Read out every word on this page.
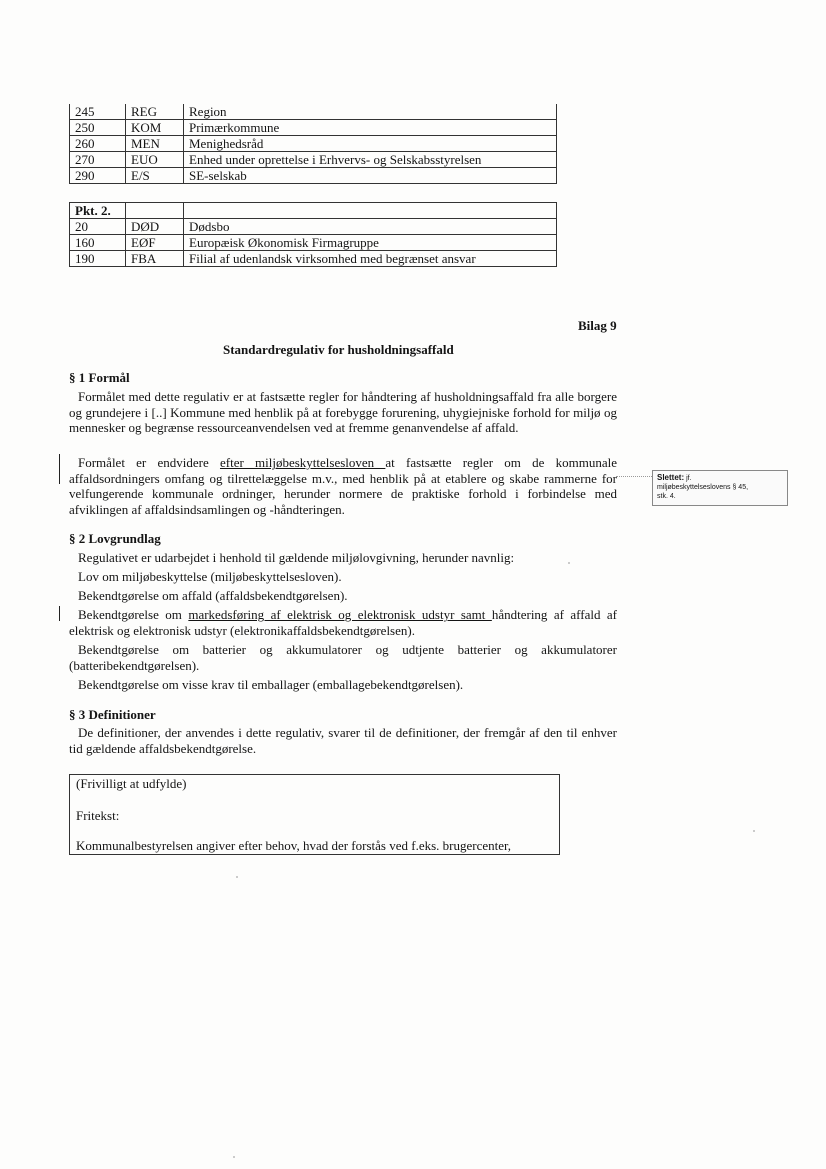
245	REG	Region
250	KOM	Primærkommune
260	MEN	Menighedsråd
270	EUO	Enhed under oprettelse i Erhvervs- og Selskabsstyrelsen
290	E/S	SE-selskab
Pkt. 2.		
20	DØD	Dødsbo
160	EØF	Europæisk Økonomisk Firmagruppe
190	FBA	Filial af udenlandsk virksomhed med begrænset ansvar
Bilag 9
Standardregulativ for husholdningsaffald
§ 1 Formål

Formålet med dette regulativ er at fastsætte regler for håndtering af husholdningsaffald fra alle borgere og grundejere i [..] Kommune med henblik på at forebygge forurening, uhygiejniske forhold for miljø og mennesker og begrænse ressourceanvendelsen ved at fremme genanvendelse af affald.

Formålet er endvidere efter miljøbeskyttelsesloven at fastsætte regler om de kommunale affaldsordningers omfang og tilrettelæggelse m.v., med henblik på at etablere og skabe rammerne for velfungerende kommunale ordninger, herunder normere de praktiske forhold i forbindelse med afviklingen af affaldsindsamlingen og -håndteringen.

Slettet: jf.
miljøbeskyttelseslovens § 45,
stk. 4.
§ 2 Lovgrundlag
Regulativet er udarbejdet i henhold til gældende miljølovgivning, herunder navnlig:
Lov om miljøbeskyttelse (miljøbeskyttelsesloven).
Bekendtgørelse om affald (affaldsbekendtgørelsen).

Bekendtgørelse om markedsføring af elektrisk og elektronisk udstyr samt håndtering af affald af elektrisk og elektronisk udstyr (elektronikaffaldsbekendtgørelsen).

Bekendtgørelse om batterier og akkumulatorer og udtjente batterier og akkumulatorer (batteribekendtgørelsen).

Bekendtgørelse om visse krav til emballager (emballagebekendtgørelsen).
§ 3 Definitioner

De definitioner, der anvendes i dette regulativ, svarer til de definitioner, der fremgår af den til enhver tid gældende affaldsbekendtgørelse.

(Frivilligt at udfylde)
Fritekst:
Kommunalbestyrelsen angiver efter behov, hvad der forstås ved f.eks. brugercenter,
